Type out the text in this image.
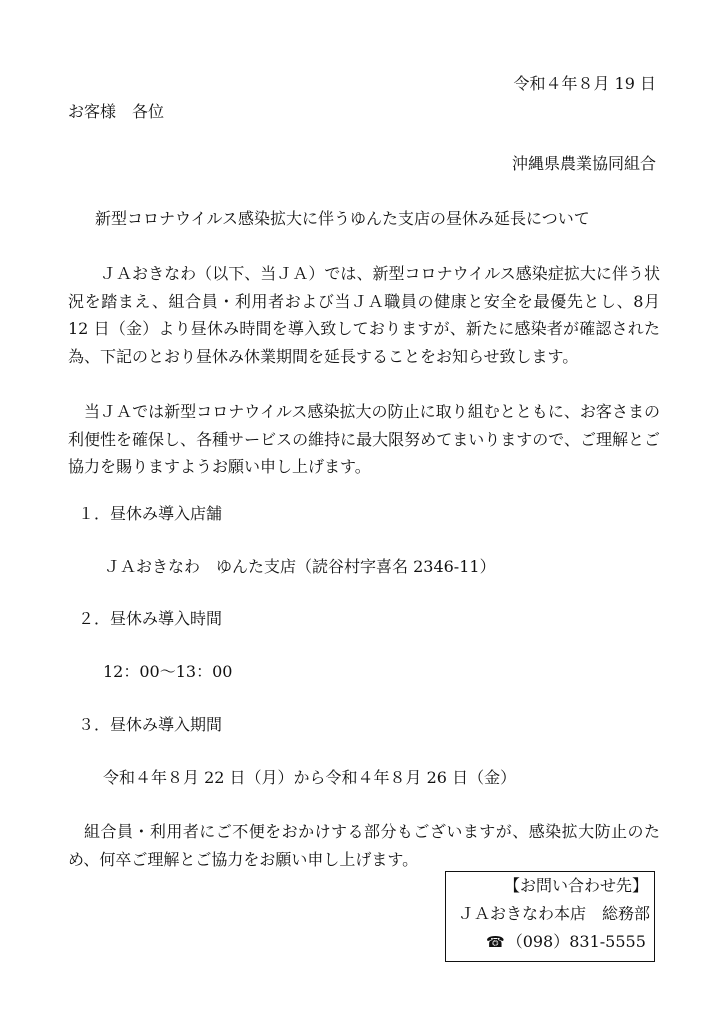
令和４年８月 19 日
お客様　各位
沖縄県農業協同組合
新型コロナウイルス感染拡大に伴うゆんた支店の昼休み延長について
ＪＡおきなわ（以下、当ＪＡ）では、新型コロナウイルス感染症拡大に伴う状況を踏まえ、組合員・利用者および当ＪＡ職員の健康と安全を最優先とし、8月 12 日（金）より昼休み時間を導入致しておりますが、新たに感染者が確認された為、下記のとおり昼休み休業期間を延長することをお知らせ致します。
当ＪＡでは新型コロナウイルス感染拡大の防止に取り組むとともに、お客さまの利便性を確保し、各種サービスの維持に最大限努めてまいりますので、ご理解とご協力を賜りますようお願い申し上げます。
１．昼休み導入店舗
ＪＡおきなわ　ゆんた支店（読谷村字喜名 2346-11）
２．昼休み導入時間
12：00～13：00
３．昼休み導入期間
令和４年８月 22 日（月）から令和４年８月 26 日（金）
組合員・利用者にご不便をおかけする部分もございますが、感染拡大防止のため、何卒ご理解とご協力をお願い申し上げます。
【お問い合わせ先】
ＪＡおきなわ本店　総務部
☎ （098）831-5555
